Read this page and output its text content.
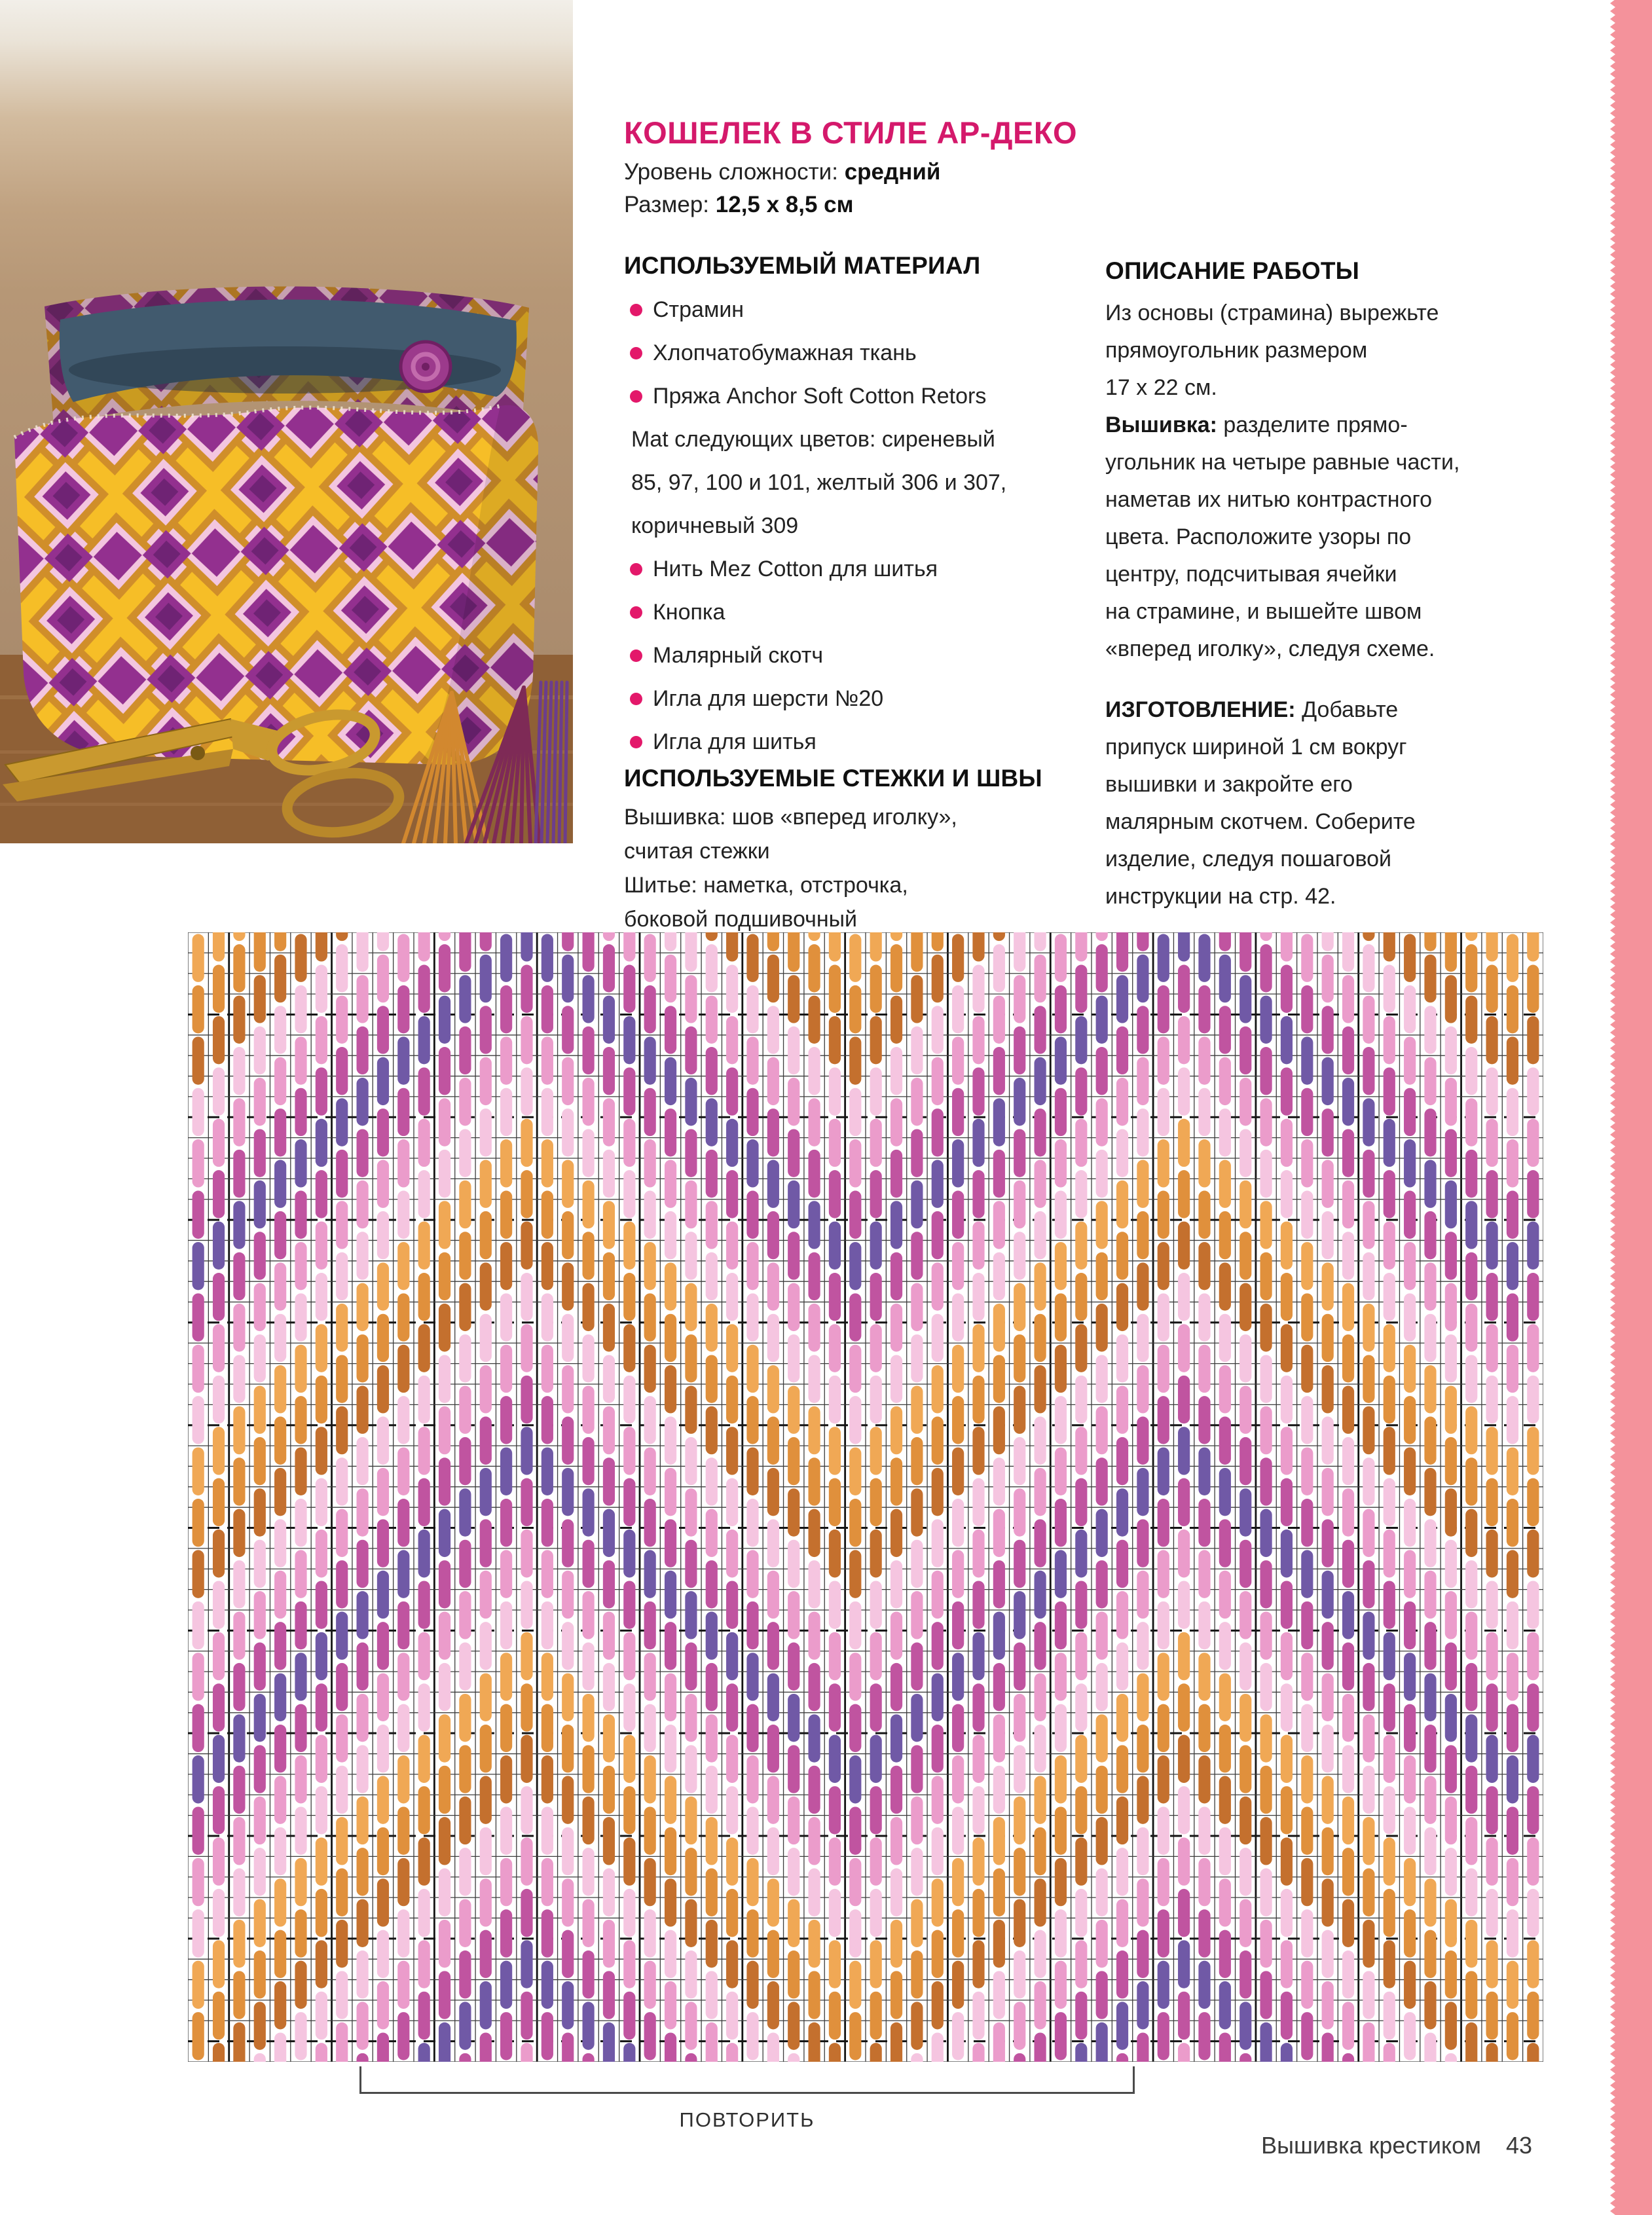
КОШЕЛЕК В СТИЛЕ АР-ДЕКО
Уровень сложности: средний
Размер: 12,5 x 8,5 см
ИСПОЛЬЗУЕМЫЙ МАТЕРИАЛ
Страмин
Хлопчатобумажная ткань
Пряжа Anchor Soft Cotton Retors
Mat следующих цветов: сиреневый
85, 97, 100 и 101, желтый 306 и 307,
коричневый 309
Нить Mez Cotton для шитья
Кнопка
Малярный скотч
Игла для шерсти №20
Игла для шитья
ИСПОЛЬЗУЕМЫЕ СТЕЖКИ И ШВЫ
Вышивка: шов «вперед иголку»,
считая стежки
Шитье: наметка, отстрочка,
боковой подшивочный
ОПИСАНИЕ РАБОТЫ
Из основы (страмина) вырежьте
прямоугольник размером
17 x 22 см.
Вышивка: разделите прямо-
угольник на четыре равные части,
наметав их нитью контрастного
цвета. Расположите узоры по
центру, подсчитывая ячейки
на страмине, и вышейте швом
«вперед иголку», следуя схеме.
ИЗГОТОВЛЕНИЕ: Добавьте
припуск шириной 1 см вокруг
вышивки и закройте его
малярным скотчем. Соберите
изделие, следуя пошаговой
инструкции на стр. 42.
ПОВТОРИТЬ
Вышивка крестиком 43
